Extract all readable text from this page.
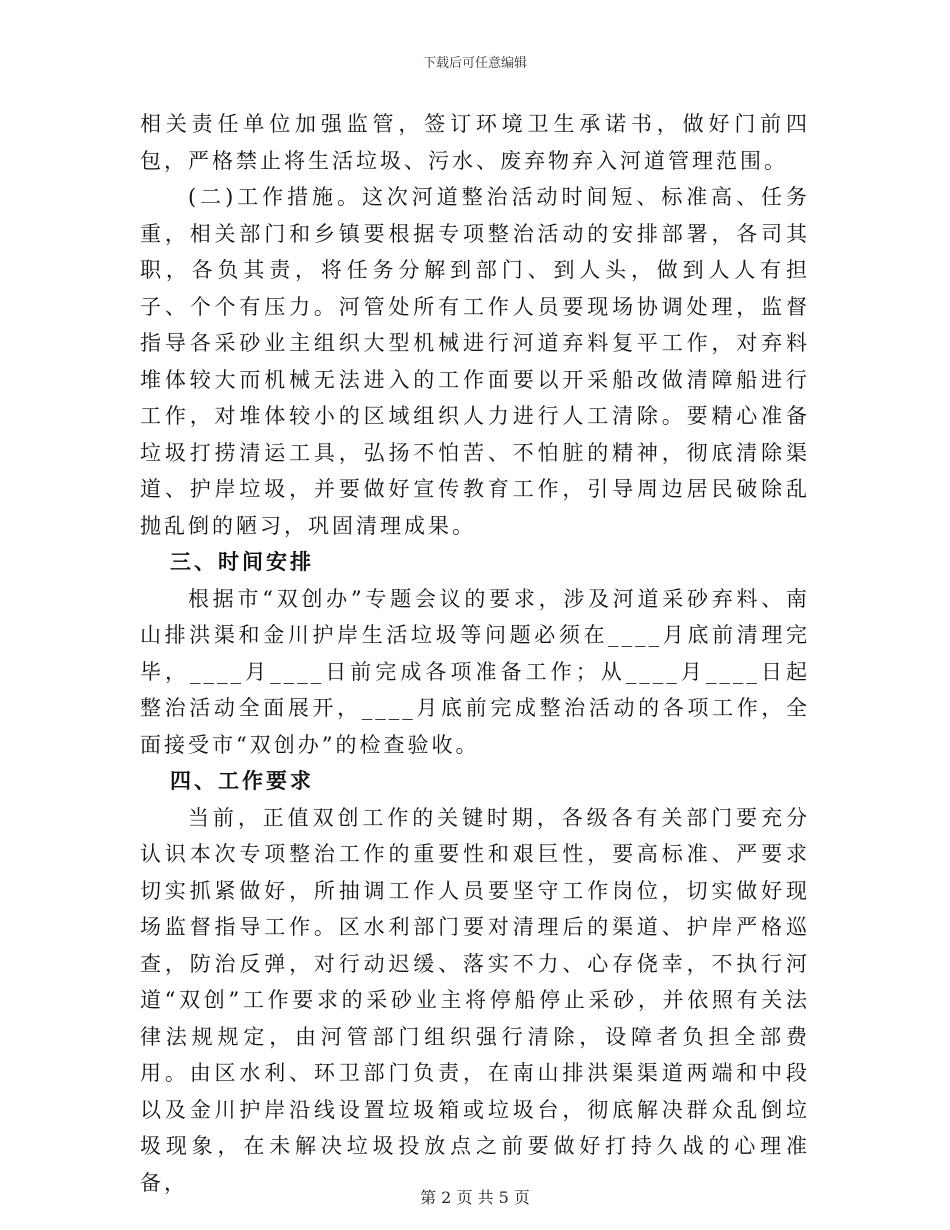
下载后可任意编辑

相关责任单位加强监管，签订环境卫生承诺书，做好门前四包，严格禁止将生活垃圾、污水、废弃物弃入河道管理范围。

(二)工作措施。这次河道整治活动时间短、标准高、任务重，相关部门和乡镇要根据专项整治活动的安排部署，各司其职，各负其责，将任务分解到部门、到人头，做到人人有担子、个个有压力。河管处所有工作人员要现场协调处理，监督指导各采砂业主组织大型机械进行河道弃料复平工作，对弃料堆体较大而机械无法进入的工作面要以开采船改做清障船进行工作，对堆体较小的区域组织人力进行人工清除。要精心准备垃圾打捞清运工具，弘扬不怕苦、不怕脏的精神，彻底清除渠道、护岸垃圾，并要做好宣传教育工作，引导周边居民破除乱抛乱倒的陋习，巩固清理成果。

三、时间安排

根据市“双创办”专题会议的要求，涉及河道采砂弃料、南山排洪渠和金川护岸生活垃圾等问题必须在____月底前清理完毕，____月____日前完成各项准备工作；从____月____日起整治活动全面展开，____月底前完成整治活动的各项工作，全面接受市“双创办”的检查验收。

四、工作要求

当前，正值双创工作的关键时期，各级各有关部门要充分认识本次专项整治工作的重要性和艰巨性，要高标准、严要求切实抓紧做好，所抽调工作人员要坚守工作岗位，切实做好现场监督指导工作。区水利部门要对清理后的渠道、护岸严格巡查，防治反弹，对行动迟缓、落实不力、心存侥幸，不执行河道“双创”工作要求的采砂业主将停船停止采砂，并依照有关法律法规规定，由河管部门组织强行清除，设障者负担全部费用。由区水利、环卫部门负责，在南山排洪渠渠道两端和中段以及金川护岸沿线设置垃圾箱或垃圾台，彻底解决群众乱倒垃圾现象，在未解决垃圾投放点之前要做好打持久战的心理准备，

第 2 页 共 5 页
